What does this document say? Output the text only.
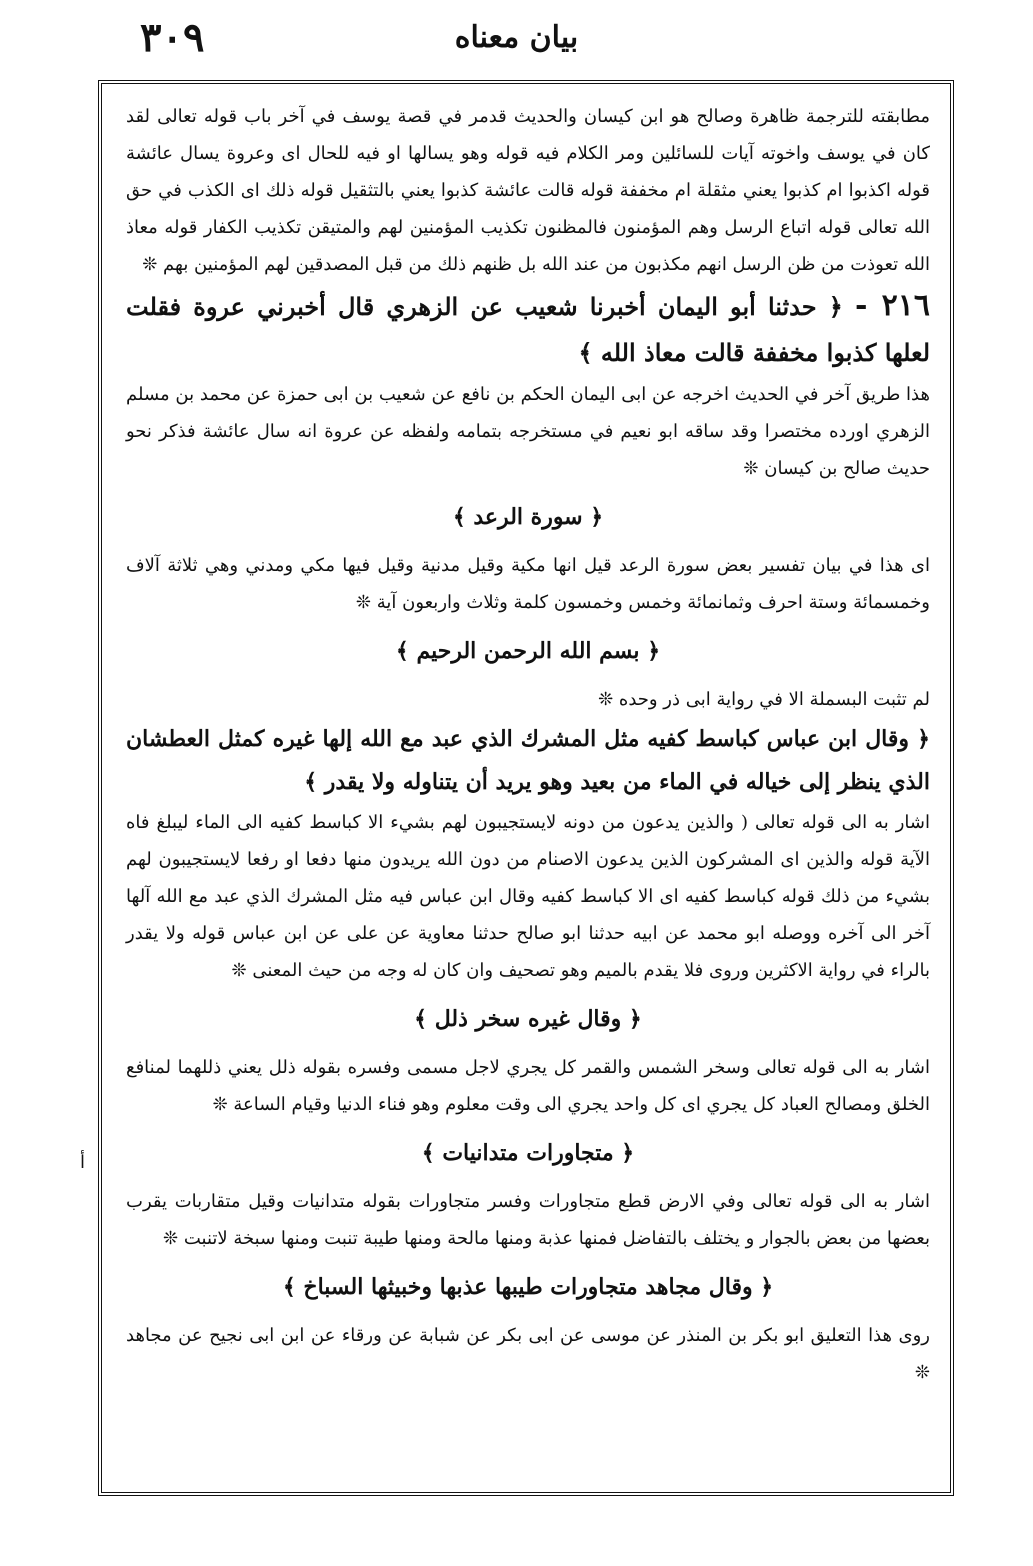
٣٠٩	بيان معناه

مطابقته للترجمة ظاهرة وصالح هو ابن كيسان والحديث قدمر في قصة يوسف في آخر باب قوله تعالى لقد كان في يوسف واخوته آيات للسائلين ومر الكلام فيه قوله وهو يسالها او فيه للحال اى وعروة يسال عائشة قوله اكذبوا ام كذبوا يعني مثقلة ام مخففة قوله قالت عائشة كذبوا يعني بالتثقيل قوله ذلك اى الكذب في حق الله تعالى قوله اتباع الرسل وهم المؤمنون فالمظنون تكذيب المؤمنين لهم والمتيقن تكذيب الكفار قوله معاذ الله تعوذت من ظن الرسل انهم مكذبون من عند الله بل ظنهم ذلك من قبل المصدقين لهم المؤمنين بهم ❊

٢١٦ - ﴿ حدثنا أبو اليمان أخبرنا شعيب عن الزهري قال أخبرني عروة فقلت لعلها كذبوا مخففة قالت معاذ الله ﴾

هذا طريق آخر في الحديث اخرجه عن ابى اليمان الحكم بن نافع عن شعيب بن ابى حمزة عن محمد بن مسلم الزهري اورده مختصرا وقد ساقه ابو نعيم في مستخرجه بتمامه ولفظه عن عروة انه سال عائشة فذكر نحو حديث صالح بن كيسان ❊

﴿ سورة الرعد ﴾

اى هذا في بيان تفسير بعض سورة الرعد قيل انها مكية وقيل مدنية وقيل فيها مكي ومدني وهي ثلاثة آلاف وخمسمائة وستة احرف وثمانمائة وخمس وخمسون كلمة وثلاث واربعون آية ❊

﴿ بسم الله الرحمن الرحيم ﴾

لم تثبت البسملة الا في رواية ابى ذر وحده ❊

﴿ وقال ابن عباس كباسط كفيه مثل المشرك الذي عبد مع الله إلها غيره كمثل العطشان الذي ينظر إلى خياله في الماء من بعيد وهو يريد أن يتناوله ولا يقدر ﴾

اشار به الى قوله تعالى ( والذين يدعون من دونه لايستجيبون لهم بشيء الا كباسط كفيه الى الماء ليبلغ فاه الآية قوله والذين اى المشركون الذين يدعون الاصنام من دون الله يريدون منها دفعا او رفعا لايستجيبون لهم بشيء من ذلك قوله كباسط كفيه اى الا كباسط كفيه وقال ابن عباس فيه مثل المشرك الذي عبد مع الله آلها آخر الى آخره ووصله ابو محمد عن ابيه حدثنا ابو صالح حدثنا معاوية عن على عن ابن عباس قوله ولا يقدر بالراء في رواية الاكثرين وروى فلا يقدم بالميم وهو تصحيف وان كان له وجه من حيث المعنى ❊

﴿ وقال غيره سخر ذلل ﴾

اشار به الى قوله تعالى وسخر الشمس والقمر كل يجري لاجل مسمى وفسره بقوله ذلل يعني ذللهما لمنافع الخلق ومصالح العباد كل يجري اى كل واحد يجري الى وقت معلوم وهو فناء الدنيا وقيام الساعة ❊

﴿ متجاورات متدانيات ﴾

اشار به الى قوله تعالى وفي الارض قطع متجاورات وفسر متجاورات بقوله متدانيات وقيل متقاربات يقرب بعضها من بعض بالجوار و يختلف بالتفاضل فمنها عذبة ومنها مالحة ومنها طيبة تنبت ومنها سبخة لاتنبت ❊

﴿ وقال مجاهد متجاورات طيبها عذبها وخبيثها السباخ ﴾

روى هذا التعليق ابو بكر بن المنذر عن موسى عن ابى بكر عن شبابة عن ورقاء عن ابن ابى نجيح عن مجاهد ❊

أ
